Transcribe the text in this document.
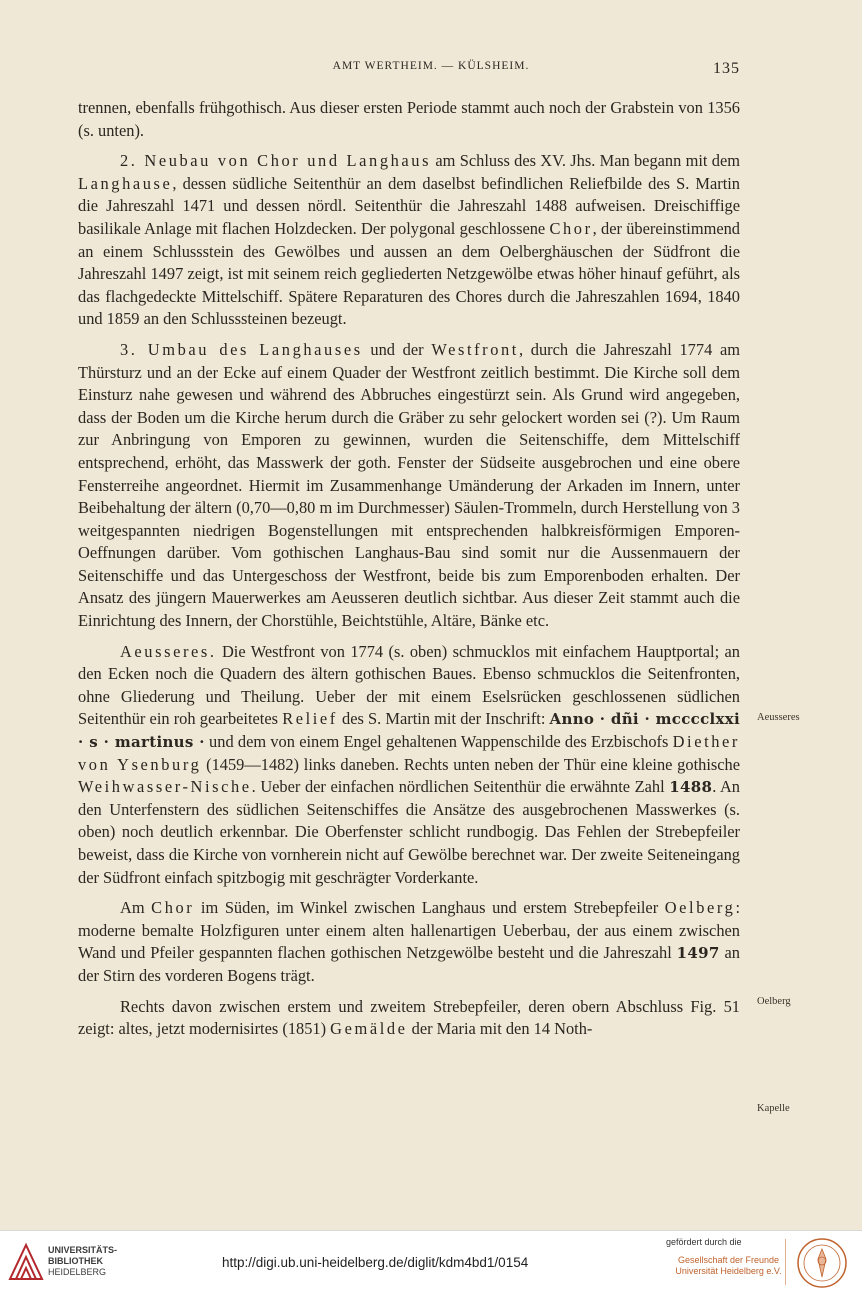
AMT WERTHEIM. — KÜLSHEIM.	135

trennen, ebenfalls frühgothisch. Aus dieser ersten Periode stammt auch noch der Grabstein von 1356 (s. unten).

2. Neubau von Chor und Langhaus am Schluss des XV. Jhs. Man begann mit dem Langhause, dessen südliche Seitenthür an dem daselbst befindlichen Reliefbilde des S. Martin die Jahreszahl 1471 und dessen nördl. Seitenthür die Jahreszahl 1488 aufweisen. Dreischiffige basilikale Anlage mit flachen Holzdecken. Der polygonal geschlossene Chor, der übereinstimmend an einem Schlussstein des Gewölbes und aussen an dem Oelberghäuschen der Südfront die Jahreszahl 1497 zeigt, ist mit seinem reich gegliederten Netzgewölbe etwas höher hinauf geführt, als das flachgedeckte Mittelschiff. Spätere Reparaturen des Chores durch die Jahreszahlen 1694, 1840 und 1859 an den Schlusssteinen bezeugt.

3. Umbau des Langhauses und der Westfront, durch die Jahreszahl 1774 am Thürsturz und an der Ecke auf einem Quader der Westfront zeitlich bestimmt. Die Kirche soll dem Einsturz nahe gewesen und während des Abbruches eingestürzt sein. Als Grund wird angegeben, dass der Boden um die Kirche herum durch die Gräber zu sehr gelockert worden sei (?). Um Raum zur Anbringung von Emporen zu gewinnen, wurden die Seitenschiffe, dem Mittelschiff entsprechend, erhöht, das Masswerk der goth. Fenster der Südseite ausgebrochen und eine obere Fensterreihe angeordnet. Hiermit im Zusammenhange Umänderung der Arkaden im Innern, unter Beibehaltung der ältern (0,70—0,80 m im Durchmesser) Säulen-Trommeln, durch Herstellung von 3 weitgespannten niedrigen Bogenstellungen mit entsprechenden halbkreisförmigen Emporen-Oeffnungen darüber. Vom gothischen Langhaus-Bau sind somit nur die Aussenmauern der Seitenschiffe und das Untergeschoss der Westfront, beide bis zum Emporenboden erhalten. Der Ansatz des jüngern Mauerwerkes am Aeusseren deutlich sichtbar. Aus dieser Zeit stammt auch die Einrichtung des Innern, der Chorstühle, Beichtstühle, Altäre, Bänke etc.

Aeusseres. Die Westfront von 1774 (s. oben) schmucklos mit einfachem Hauptportal; an den Ecken noch die Quadern des ältern gothischen Baues. Ebenso schmucklos die Seitenfronten, ohne Gliederung und Theilung. Ueber der mit einem Eselsrücken geschlossenen südlichen Seitenthür ein roh gearbeitetes Relief des S. Martin mit der Inschrift: Anno · dñi · mcccclxxi · s · martinus · und dem von einem Engel gehaltenen Wappenschilde des Erzbischofs Diether von Ysenburg (1459—1482) links daneben. Rechts unten neben der Thür eine kleine gothische Weihwasser-Nische. Ueber der einfachen nördlichen Seitenthür die erwähnte Zahl 1488. An den Unterfenstern des südlichen Seitenschiffes die Ansätze des ausgebrochenen Masswerkes (s. oben) noch deutlich erkennbar. Die Oberfenster schlicht rundbogig. Das Fehlen der Strebepfeiler beweist, dass die Kirche von vornherein nicht auf Gewölbe berechnet war. Der zweite Seiteneingang der Südfront einfach spitzbogig mit geschrägter Vorderkante.

Am Chor im Süden, im Winkel zwischen Langhaus und erstem Strebepfeiler Oelberg: moderne bemalte Holzfiguren unter einem alten hallenartigen Ueberbau, der aus einem zwischen Wand und Pfeiler gespannten flachen gothischen Netzgewölbe besteht und die Jahreszahl 1497 an der Stirn des vorderen Bogens trägt.

Rechts davon zwischen erstem und zweitem Strebepfeiler, deren obern Abschluss Fig. 51 zeigt: altes, jetzt modernisirtes (1851) Gemälde der Maria mit den 14 Noth-

Aeusseres
Oelberg
Kapelle
UNIVERSITÄTS-
BIBLIOTHEK
HEIDELBERG
http://digi.ub.uni-heidelberg.de/diglit/kdm4bd1/0154
gefördert durch die
Gesellschaft der Freunde
Universität Heidelberg e.V.
